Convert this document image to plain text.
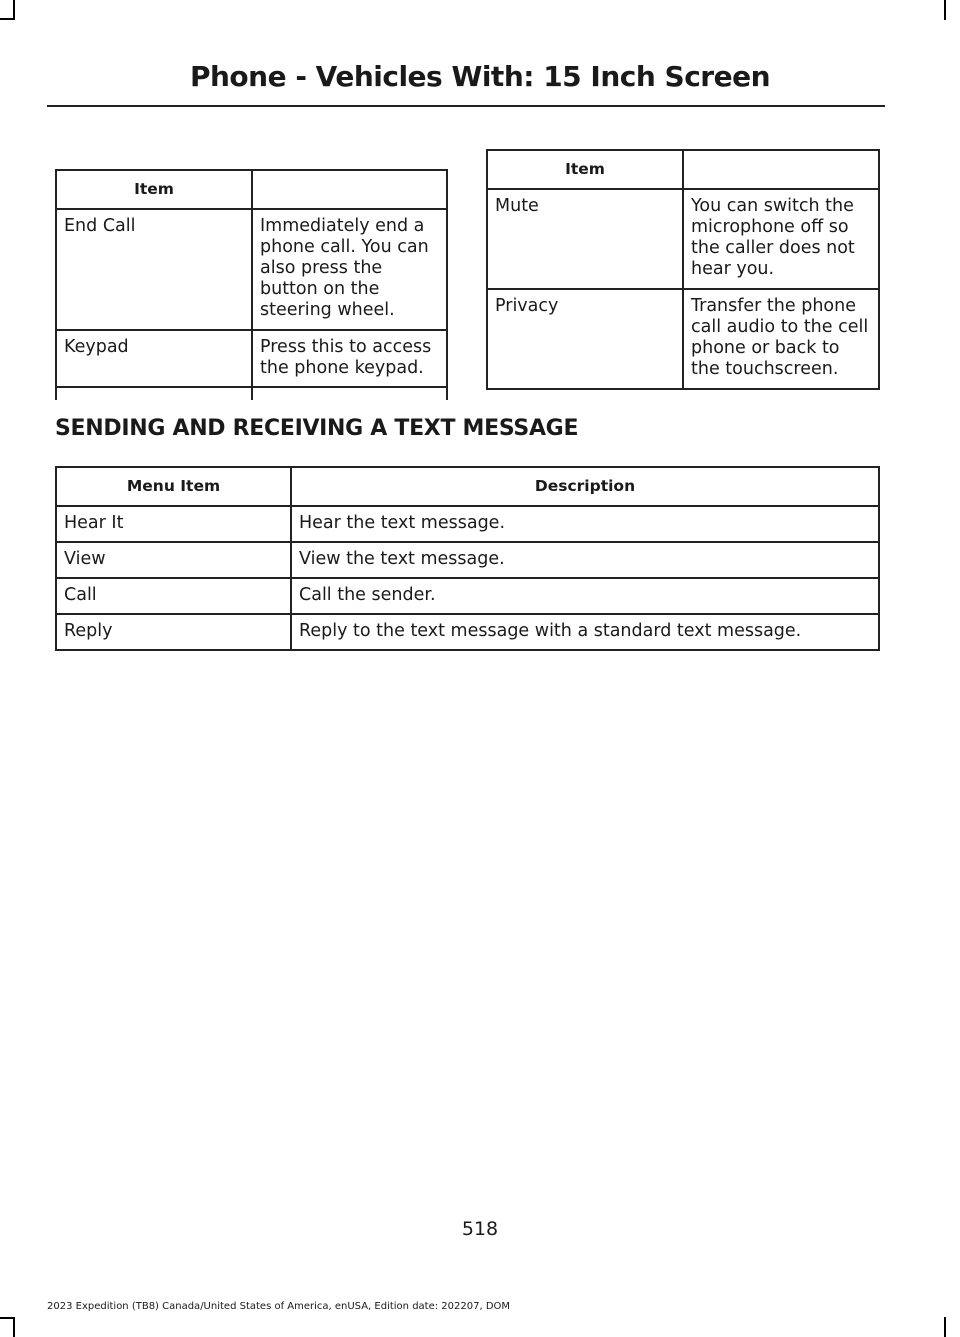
Phone - Vehicles With: 15 Inch Screen
Item	
End Call	Immediately end a phone call. You can also press the button on the steering wheel.
Keypad	Press this to access the phone keypad.

Item	
Mute	You can switch the microphone off so the caller does not hear you.
Privacy	Transfer the phone call audio to the cell phone or back to the touchscreen.
SENDING AND RECEIVING A TEXT MESSAGE
Menu Item	Description
Hear It	Hear the text message.
View	View the text message.
Call	Call the sender.
Reply	Reply to the text message with a standard text message.
518
2023 Expedition (TB8) Canada/United States of America, enUSA, Edition date: 202207, DOM
